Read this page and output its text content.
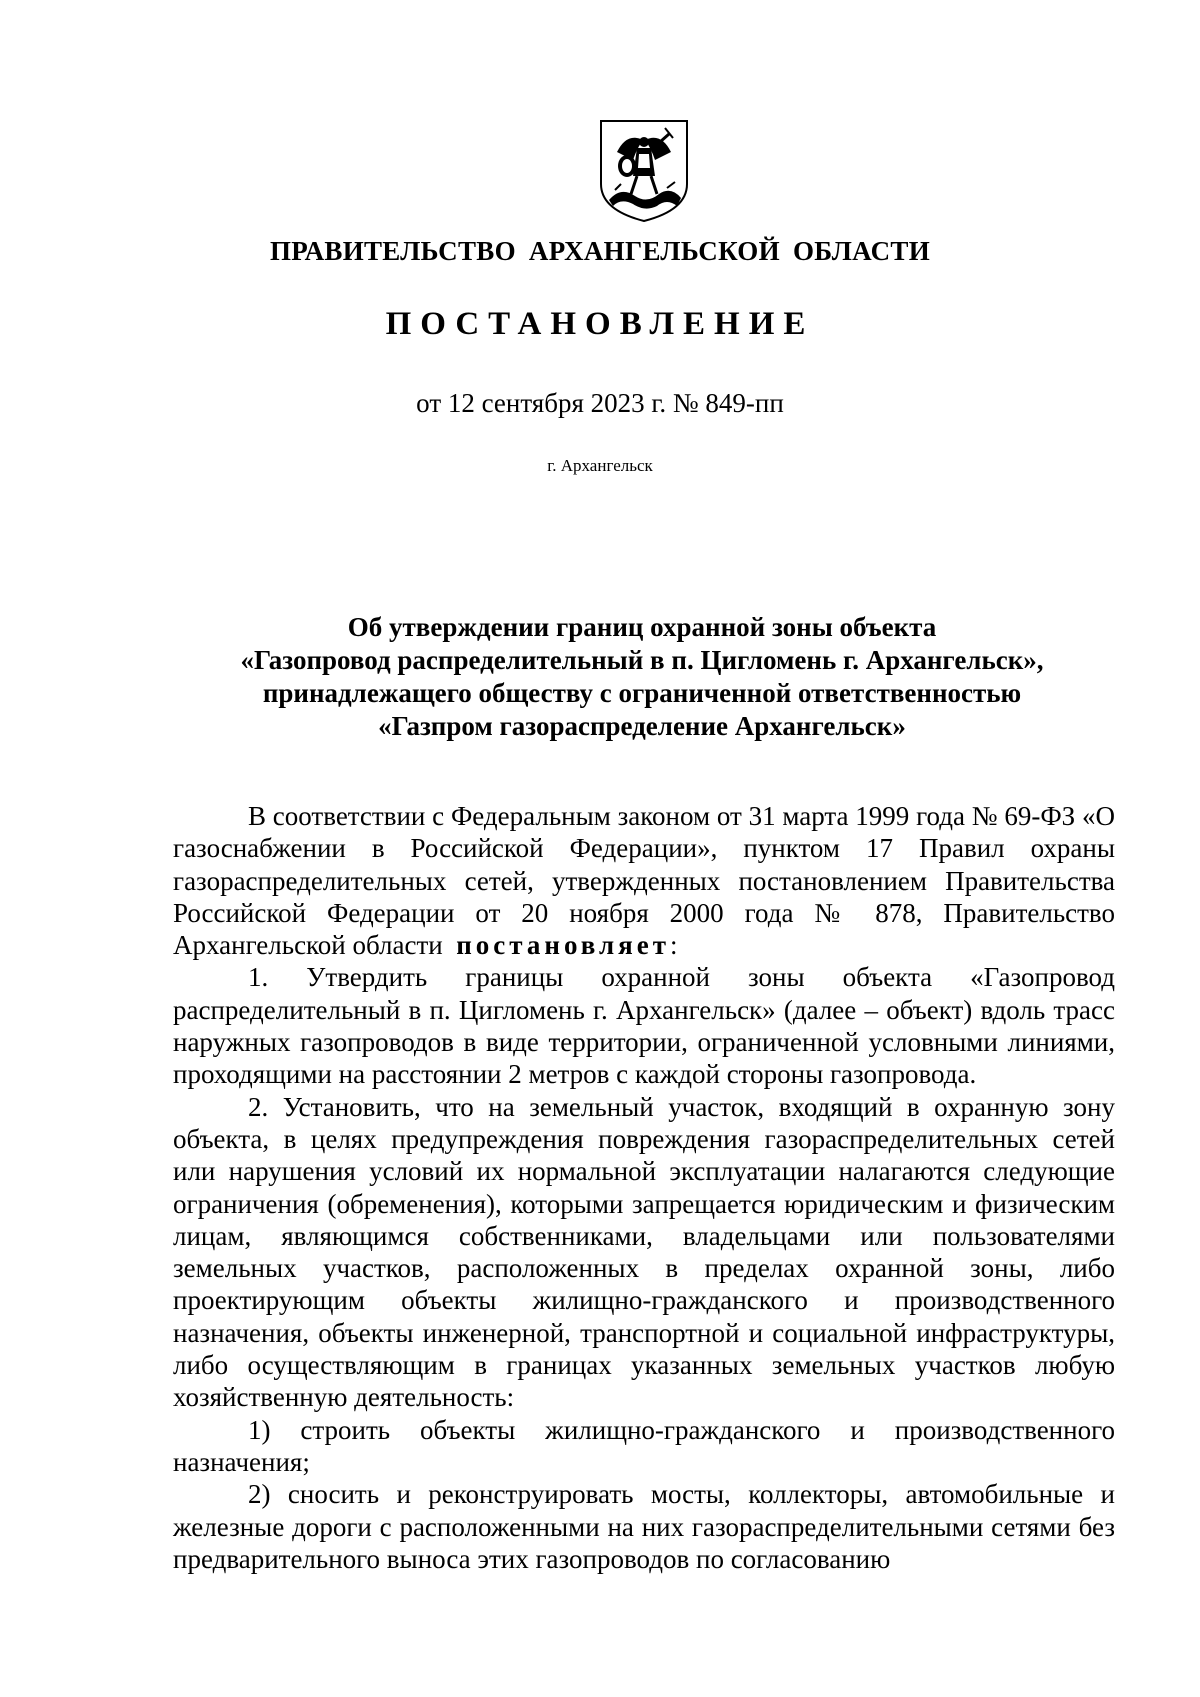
ПРАВИТЕЛЬСТВО АРХАНГЕЛЬСКОЙ ОБЛАСТИ
ПОСТАНОВЛЕНИЕ
от 12 сентября 2023 г. № 849-пп
г. Архангельск
Об утверждении границ охранной зоны объекта
«Газопровод распределительный в п. Цигломень г. Архангельск»,
принадлежащего обществу с ограниченной ответственностью
«Газпром газораспределение Архангельск»

В соответствии с Федеральным законом от 31 марта 1999 года № 69-ФЗ «О газоснабжении в Российской Федерации», пунктом 17 Правил охраны газораспределительных сетей, утвержденных постановлением Правительства Российской Федерации от 20 ноября 2000 года № 878, Правительство Архангельской области постановляет:

1. Утвердить границы охранной зоны объекта «Газопровод распределительный в п. Цигломень г. Архангельск» (далее – объект) вдоль трасс наружных газопроводов в виде территории, ограниченной условными линиями, проходящими на расстоянии 2 метров с каждой стороны газопровода.

2. Установить, что на земельный участок, входящий в охранную зону объекта, в целях предупреждения повреждения газораспределительных сетей или нарушения условий их нормальной эксплуатации налагаются следующие ограничения (обременения), которыми запрещается юридическим и физическим лицам, являющимся собственниками, владельцами или пользователями земельных участков, расположенных в пределах охранной зоны, либо проектирующим объекты жилищно-гражданского и производственного назначения, объекты инженерной, транспортной и социальной инфраструктуры, либо осуществляющим в границах указанных земельных участков любую хозяйственную деятельность:

1) строить объекты жилищно-гражданского и производственного назначения;

2) сносить и реконструировать мосты, коллекторы, автомобильные и железные дороги с расположенными на них газораспределительными сетями без предварительного выноса этих газопроводов по согласованию
